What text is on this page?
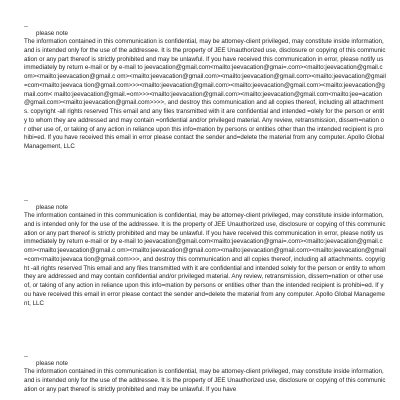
--
please note
The information contained in this communication is confidential, may be attorney-client privileged, may constitute inside information, and is intended only for the use of the addressee. It is the property of JEE Unauthorized use, disclosure or copying of this communication or any part thereof is strictly prohibited and may be unlawful. If you have received this communication in error, please notify us immediately by return e-mail or by e-mail to jeevacation@gmail.com<mailto:jeevacation@gmai=.com><mailto:jeevacation@gmail.com><mailto:jeevacation@gmail.c om><mailto:jeevacation@gmail.com><mailto:jeevacation@gmail.com><mailto:jeevacation@gmail=com<mailto:jeevaca tion@gmail.com>>><mailto:jeevacation@gmail.com><mailto:jeevacation@gmail.com><mailto:jeevacation@gmail.com< mailto:jeevacation@gmail.=om>>><mailto:jeevacation@gmail.com><mailto:jeevacation@gmail.com<mailto:jee=acation @gmail.com><mailto:jeevacation@gmail.com>>>>, and destroy this communication and all copies thereof, including all attachments. copyright -all rights reserved This email and any files transmitted with it are confidential and intended =olely for the person or entity to whom they are addressed and may contain =onfidential and/or privileged material. Any review, retransmission, dissem=nation or other use of, or taking of any action in reliance upon this info=mation by persons or entities other than the intended recipient is prohibi=ed. If you have received this email in error please contact the sender and=delete the material from any computer. Apollo Global Management, LLC
--
please note
The information contained in this communication is confidential, may be attorney-client privileged, may constitute inside information, and is intended only for the use of the addressee. It is the property of JEE Unauthorized use, disclosure or copying of this communication or any part thereof is strictly prohibited and may be unlawful. If you have received this communication in error, please notify us immediately by return e-mail or by e-mail to jeevacation@gmail.com<mailto:jeevacation@gmai=.com><mailto:jeevacation@gmail.com><mailto:jeevacation@gmail.c om><mailto:jeevacation@gmail.com><mailto:jeevacation@gmail.com><mailto:jeevacation@gmail=com<mailto:jeevaca tion@gmail.com>>>, and destroy this communication and all copies thereof, including all attachments. copyright -all rights reserved This email and any files transmitted with it are confidential and intended solely for the person or entity to whom they are addressed and may contain confidential and/or privileged material. Any review, retransmission, dissem=nation or other use of, or taking of any action in reliance upon this info=mation by persons or entities other than the intended recipient is prohibi=ed. If you have received this email in error please contact the sender and=delete the material from any computer. Apollo Global Management, LLC
--
please note
The information contained in this communication is confidential, may be attorney-client privileged, may constitute inside information, and is intended only for the use of the addressee. It is the property of JEE Unauthorized use, disclosure or copying of this communication or any part thereof is strictly prohibited and may be unlawful. If you have
